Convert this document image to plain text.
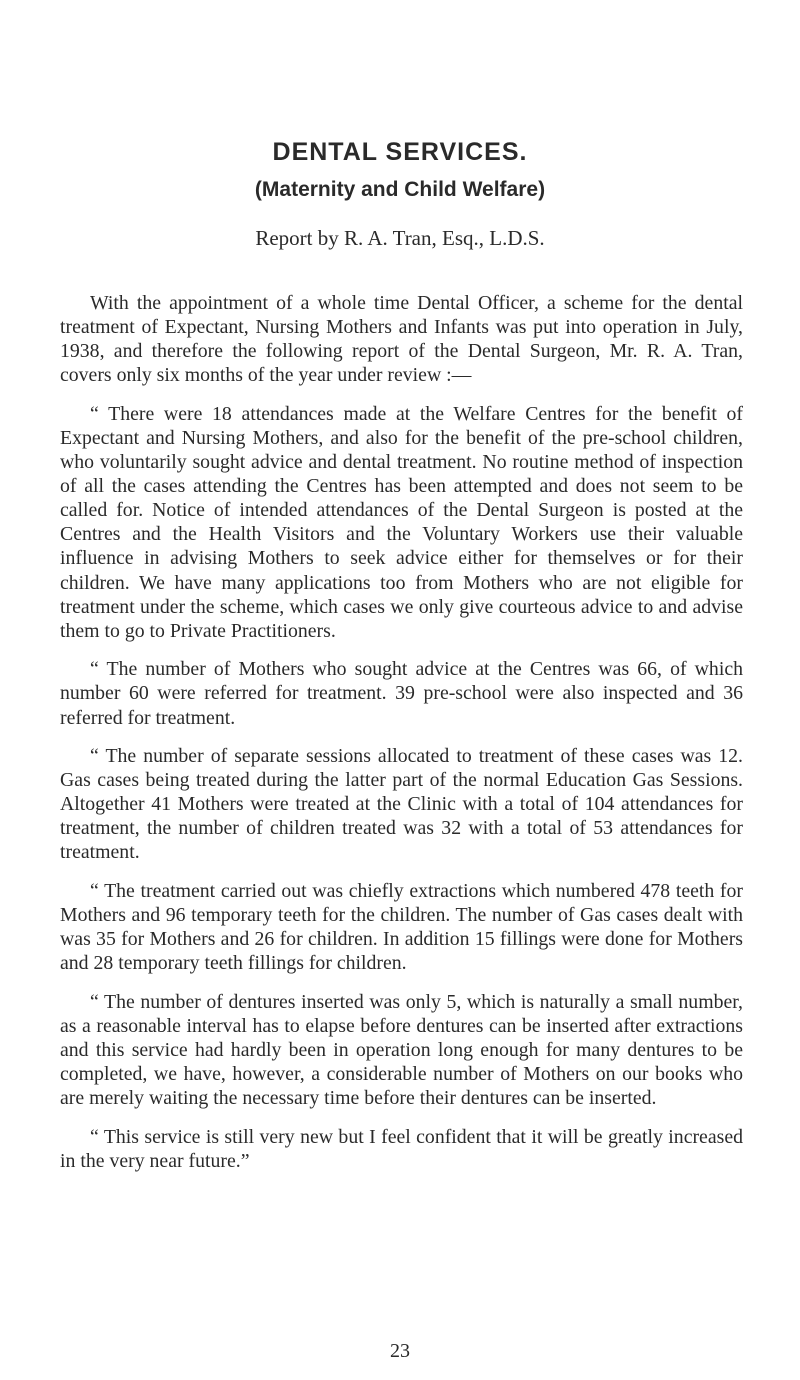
DENTAL SERVICES.
(Maternity and Child Welfare)
Report by R. A. Tran, Esq., L.D.S.

With the appointment of a whole time Dental Officer, a scheme for the dental treatment of Expectant, Nursing Mothers and Infants was put into operation in July, 1938, and therefore the following report of the Dental Surgeon, Mr. R. A. Tran, covers only six months of the year under review :—

“ There were 18 attendances made at the Welfare Centres for the benefit of Expectant and Nursing Mothers, and also for the benefit of the pre-school children, who voluntarily sought advice and dental treatment. No routine method of inspection of all the cases attending the Centres has been attempted and does not seem to be called for. Notice of intended attendances of the Dental Surgeon is posted at the Centres and the Health Visitors and the Voluntary Workers use their valuable influence in advising Mothers to seek advice either for themselves or for their children. We have many applications too from Mothers who are not eligible for treatment under the scheme, which cases we only give courteous advice to and advise them to go to Private Practitioners.

“ The number of Mothers who sought advice at the Centres was 66, of which number 60 were referred for treatment. 39 pre-school were also inspected and 36 referred for treatment.

“ The number of separate sessions allocated to treatment of these cases was 12. Gas cases being treated during the latter part of the normal Education Gas Sessions. Altogether 41 Mothers were treated at the Clinic with a total of 104 attendances for treatment, the number of children treated was 32 with a total of 53 attendances for treatment.

“ The treatment carried out was chiefly extractions which numbered 478 teeth for Mothers and 96 temporary teeth for the children. The number of Gas cases dealt with was 35 for Mothers and 26 for children. In addition 15 fillings were done for Mothers and 28 temporary teeth fillings for children.

“ The number of dentures inserted was only 5, which is naturally a small number, as a reasonable interval has to elapse before dentures can be inserted after extractions and this service had hardly been in operation long enough for many dentures to be completed, we have, however, a considerable number of Mothers on our books who are merely waiting the necessary time before their dentures can be inserted.

“ This service is still very new but I feel confident that it will be greatly increased in the very near future.”

23
